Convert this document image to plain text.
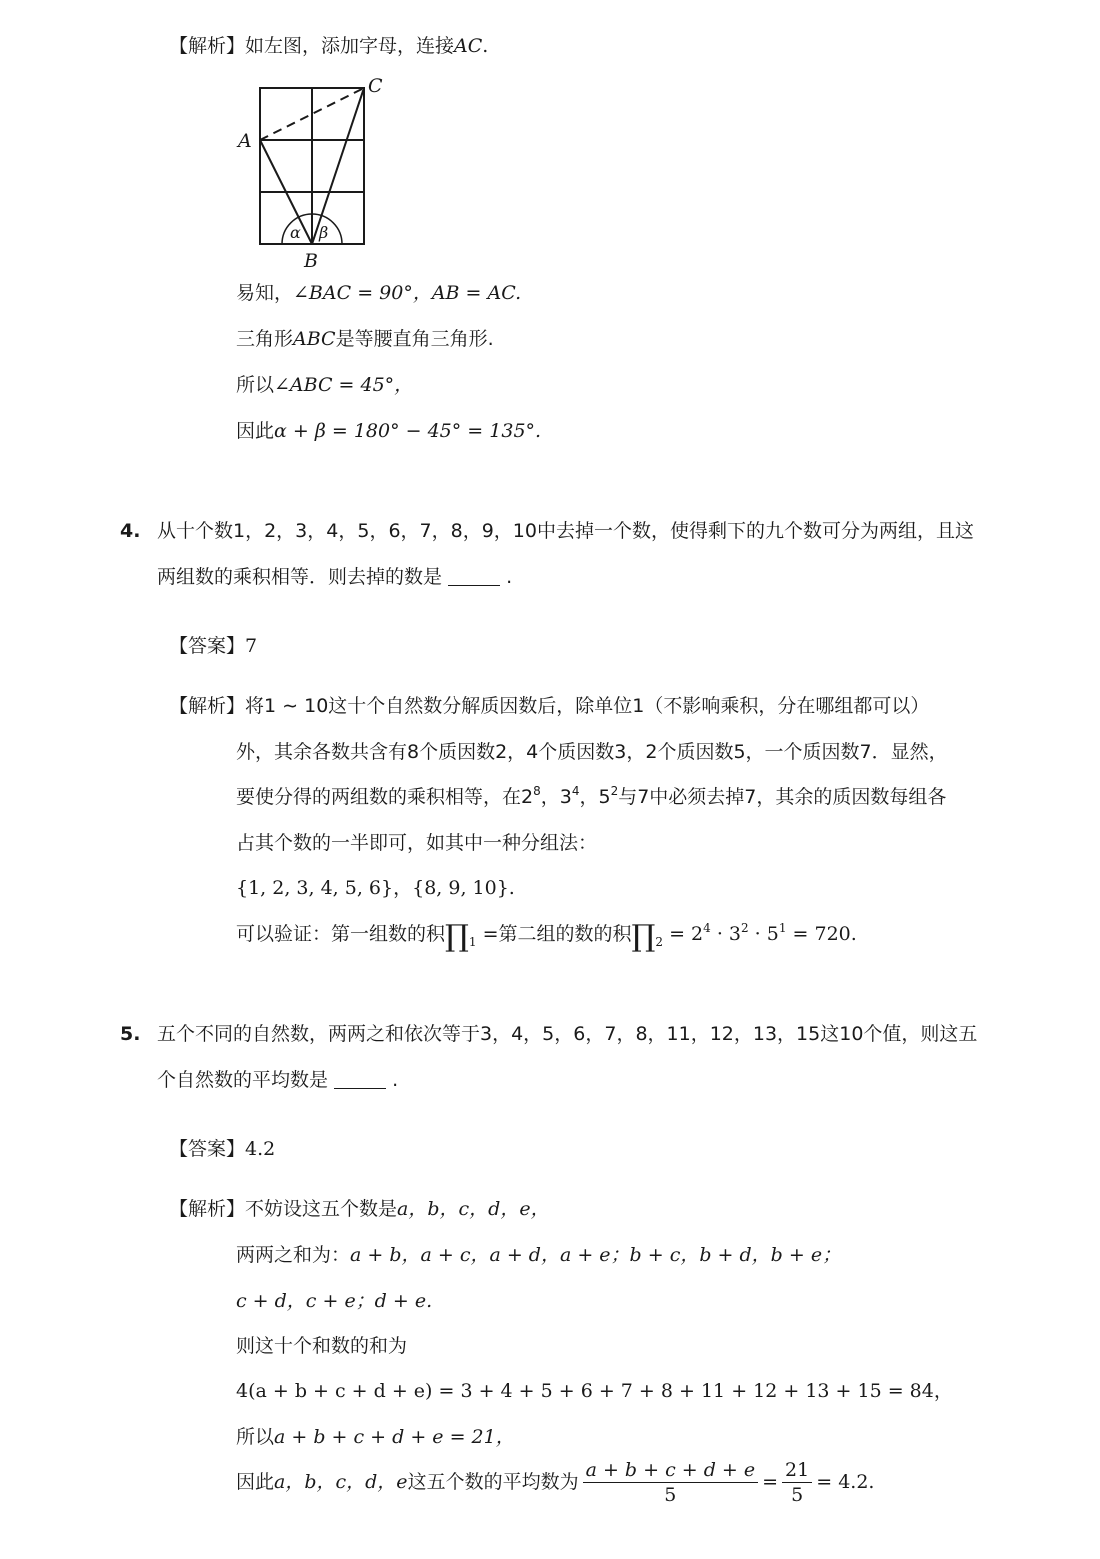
【解析】如左图，添加字母，连接AC.
A
C
B
α β
易知，∠BAC = 90°，AB = AC.
三角形ABC是等腰直角三角形.
所以∠ABC = 45°，
因此α + β = 180° − 45° = 135°.
4. 从十个数1，2，3，4，5，6，7，8，9，10中去掉一个数，使得剩下的九个数可分为两组，且这
两组数的乘积相等．则去掉的数是	.
【答案】7
【解析】将1 ∼ 10这十个自然数分解质因数后，除单位1（不影响乘积，分在哪组都可以）
外，其余各数共含有8个质因数2，4个质因数3，2个质因数5，一个质因数7．显然，
要使分得的两组数的乘积相等，在$2^8$，$3^4$，$5^2$与7中必须去掉7，其余的质因数每组各
占其个数的一半即可，如其中一种分组法：
{1, 2, 3, 4, 5, 6}，{8, 9, 10}.
可以验证：第一组数的积$\prod_1$ =第二组的数的积$\prod_2 = 2^4 \cdot 3^2 \cdot 5^1 = 720$.
5. 五个不同的自然数，两两之和依次等于3，4，5，6，7，8，11，12，13，15这10个值，则这五
个自然数的平均数是	.
【答案】4.2
【解析】不妨设这五个数是a，b，c，d，e，
两两之和为：a + b，a + c，a + d，a + e；b + c，b + d，b + e；
c + d，c + e；d + e.
则这十个和数的和为
4(a + b + c + d + e) = 3 + 4 + 5 + 6 + 7 + 8 + 11 + 12 + 13 + 15 = 84，
所以a + b + c + d + e = 21，
因此a，b，c，d，e这五个数的平均数为 $\frac{a + b + c + d + e}{5} = \frac{21}{5} = 4.2$.
